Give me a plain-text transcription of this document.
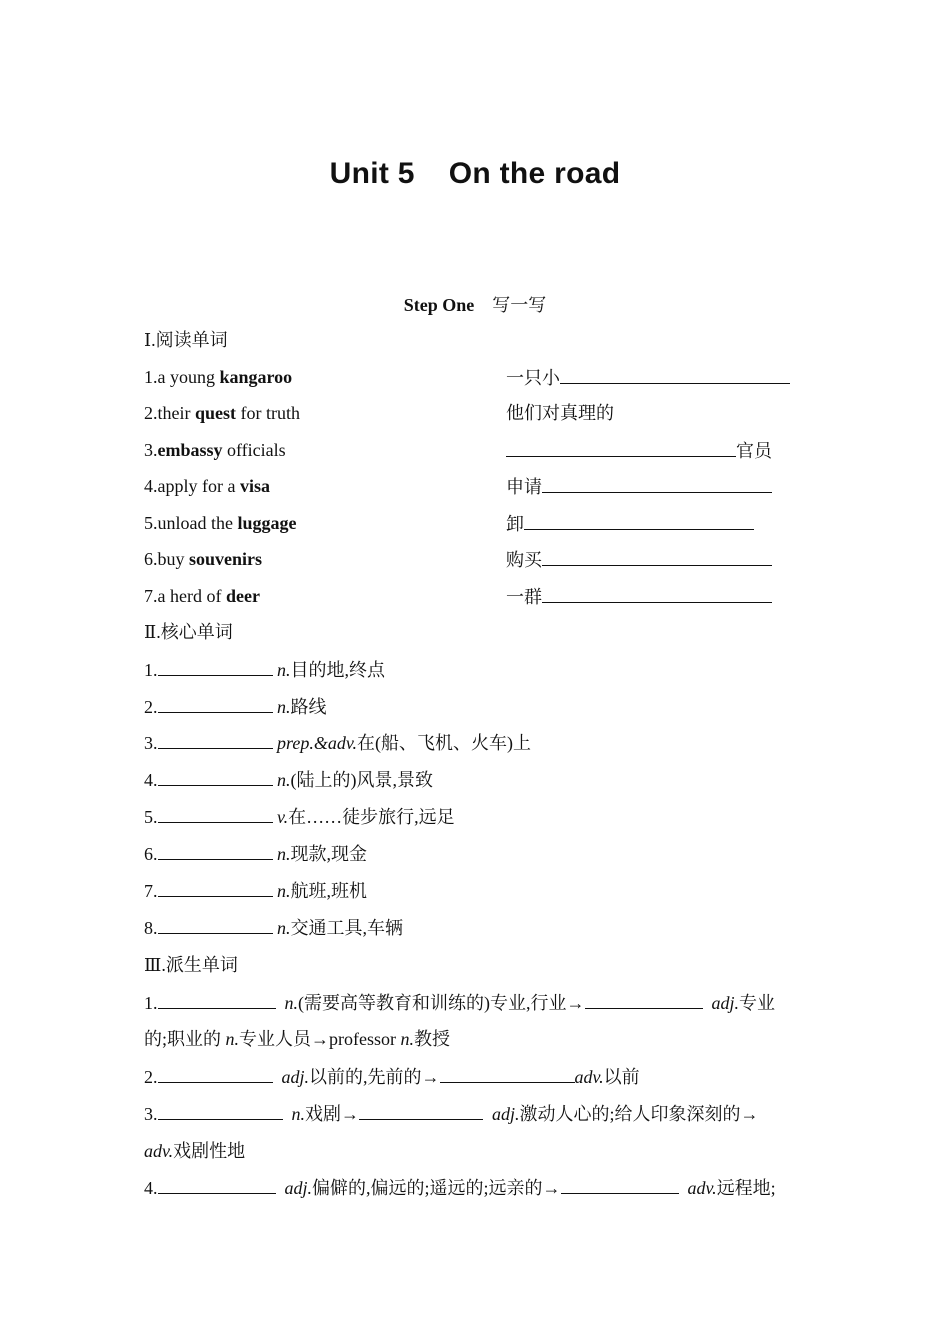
Unit 5 On the road
Step One 写一写
Ⅰ.阅读单词
1.a young kangaroo	一只小
2.their quest for truth	他们对真理的
3.embassy officials	官员
4.apply for a visa	申请
5.unload the luggage	卸
6.buy souvenirs	购买
7.a herd of deer	一群
Ⅱ.核心单词
1.	n.目的地,终点
2.	n.路线
3.	prep.&adv.在(船、飞机、火车)上
4.	n.(陆上的)风景,景致
5.	v.在……徒步旅行,远足
6.	n.现款,现金
7.	n.航班,班机
8.	n.交通工具,车辆
Ⅲ.派生单词
1.	n.(需要高等教育和训练的)专业,行业→	adj.专业
的;职业的 n.专业人员→professor n.教授
2.	adj.以前的,先前的→	adv.以前
3.	n.戏剧→	adj.激动人心的;给人印象深刻的→
adv.戏剧性地
4.	adj.偏僻的,偏远的;遥远的;远亲的→	adv.远程地;
